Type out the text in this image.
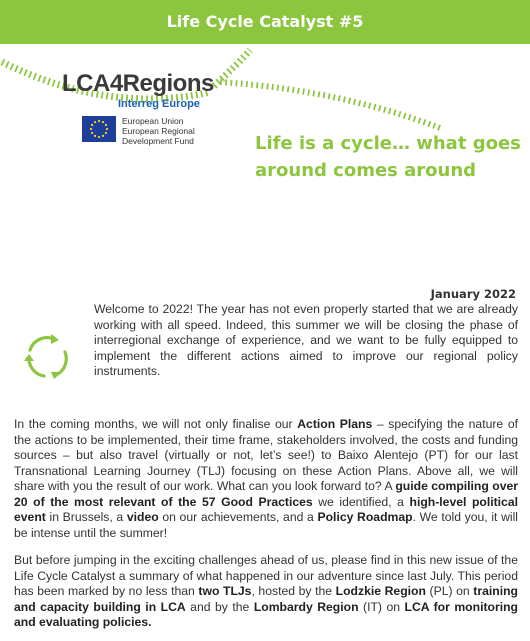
Life Cycle Catalyst #5
LCA4Regions
Interreg Europe
European Union
European Regional
Development Fund	Life is a cycle… what goes
around comes around
January 2022

Welcome to 2022! The year has not even properly started that we are already working with all speed. Indeed, this summer we will be closing the phase of interregional exchange of experience, and we want to be fully equipped to implement the different actions aimed to improve our regional policy instruments.

In the coming months, we will not only finalise our Action Plans – specifying the nature of the actions to be implemented, their time frame, stakeholders involved, the costs and funding sources – but also travel (virtually or not, let’s see!) to Baixo Alentejo (PT) for our last Transnational Learning Journey (TLJ) focusing on these Action Plans. Above all, we will share with you the result of our work. What can you look forward to? A guide compiling over 20 of the most relevant of the 57 Good Practices we identified, a high-level political event in Brussels, a video on our achievements, and a Policy Roadmap. We told you, it will be intense until the summer!

But before jumping in the exciting challenges ahead of us, please find in this new issue of the Life Cycle Catalyst a summary of what happened in our adventure since last July. This period has been marked by no less than two TLJs, hosted by the Lodzkie Region (PL) on training and capacity building in LCA and by the Lombardy Region (IT) on LCA for monitoring and evaluating policies.
